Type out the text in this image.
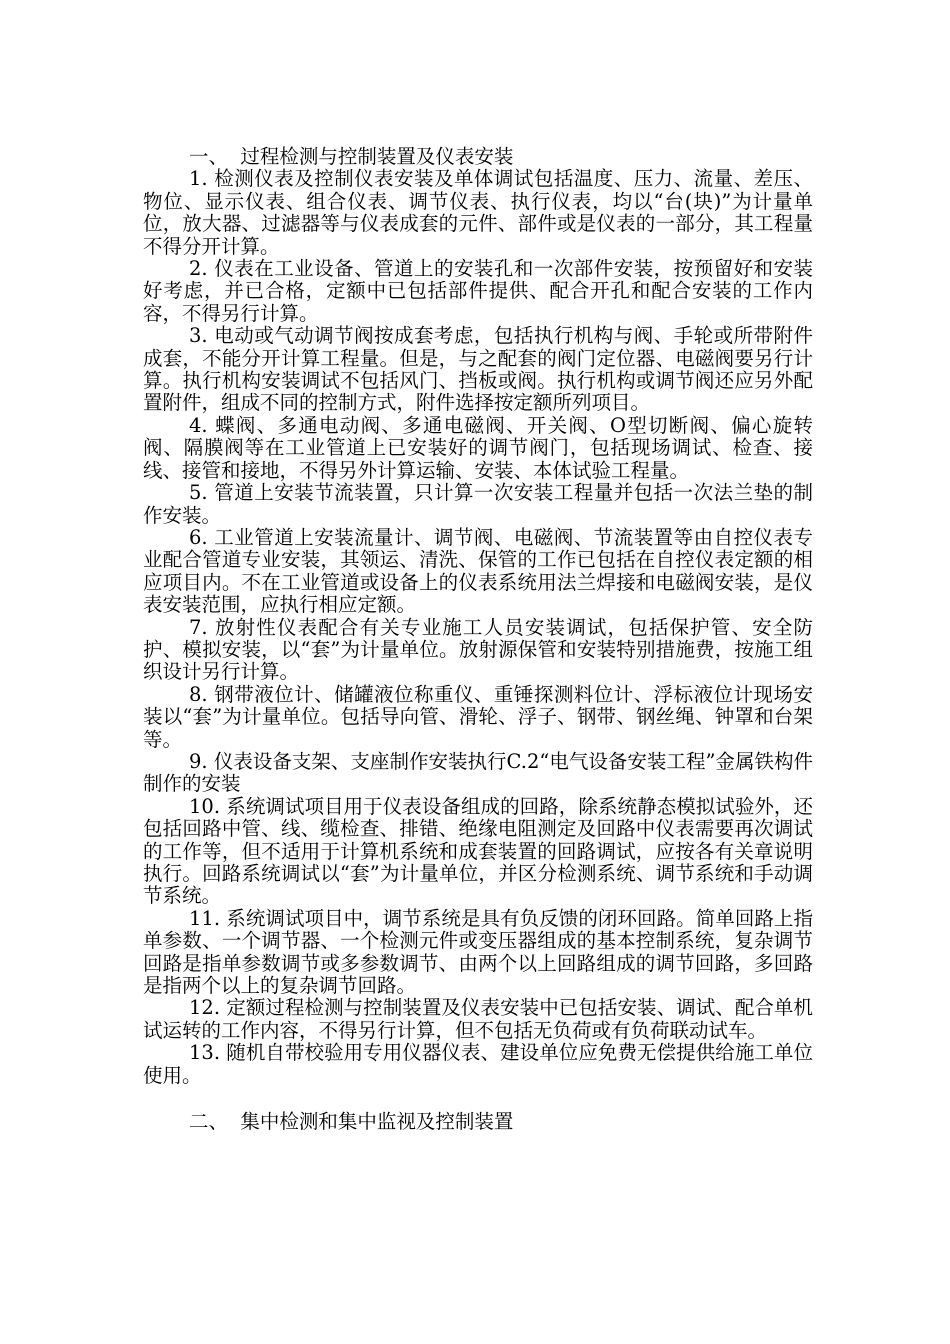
一、  过程检测与控制装置及仪表安装

1. 检测仪表及控制仪表安装及单体调试包括温度、压力、流量、差压、物位、显示仪表、组合仪表、调节仪表、执行仪表，均以“台(块)”为计量单位，放大器、过滤器等与仪表成套的元件、部件或是仪表的一部分，其工程量不得分开计算。

2. 仪表在工业设备、管道上的安装孔和一次部件安装，按预留好和安装好考虑，并已合格，定额中已包括部件提供、配合开孔和配合安装的工作内容，不得另行计算。

3. 电动或气动调节阀按成套考虑，包括执行机构与阀、手轮或所带附件成套，不能分开计算工程量。但是，与之配套的阀门定位器、电磁阀要另行计算。执行机构安装调试不包括风门、挡板或阀。执行机构或调节阀还应另外配置附件，组成不同的控制方式，附件选择按定额所列项目。

4. 蝶阀、多通电动阀、多通电磁阀、开关阀、O型切断阀、偏心旋转阀、隔膜阀等在工业管道上已安装好的调节阀门，包括现场调试、检查、接线、接管和接地，不得另外计算运输、安装、本体试验工程量。

5. 管道上安装节流装置，只计算一次安装工程量并包括一次法兰垫的制作安装。

6. 工业管道上安装流量计、调节阀、电磁阀、节流装置等由自控仪表专业配合管道专业安装，其领运、清洗、保管的工作已包括在自控仪表定额的相应项目内。不在工业管道或设备上的仪表系统用法兰焊接和电磁阀安装，是仪表安装范围，应执行相应定额。

7. 放射性仪表配合有关专业施工人员安装调试，包括保护管、安全防护、模拟安装，以“套”为计量单位。放射源保管和安装特别措施费，按施工组织设计另行计算。

8. 钢带液位计、储罐液位称重仪、重锤探测料位计、浮标液位计现场安装以“套”为计量单位。包括导向管、滑轮、浮子、钢带、钢丝绳、钟罩和台架等。

9. 仪表设备支架、支座制作安装执行C.2“电气设备安装工程”金属铁构件制作的安装

10. 系统调试项目用于仪表设备组成的回路，除系统静态模拟试验外，还包括回路中管、线、缆检查、排错、绝缘电阻测定及回路中仪表需要再次调试的工作等，但不适用于计算机系统和成套装置的回路调试，应按各有关章说明执行。回路系统调试以“套”为计量单位，并区分检测系统、调节系统和手动调节系统。

11. 系统调试项目中，调节系统是具有负反馈的闭环回路。简单回路上指单参数、一个调节器、一个检测元件或变压器组成的基本控制系统，复杂调节回路是指单参数调节或多参数调节、由两个以上回路组成的调节回路，多回路是指两个以上的复杂调节回路。

12. 定额过程检测与控制装置及仪表安装中已包括安装、调试、配合单机试运转的工作内容，不得另行计算，但不包括无负荷或有负荷联动试车。

13. 随机自带校验用专用仪器仪表、建设单位应免费无偿提供给施工单位使用。

二、  集中检测和集中监视及控制装置
